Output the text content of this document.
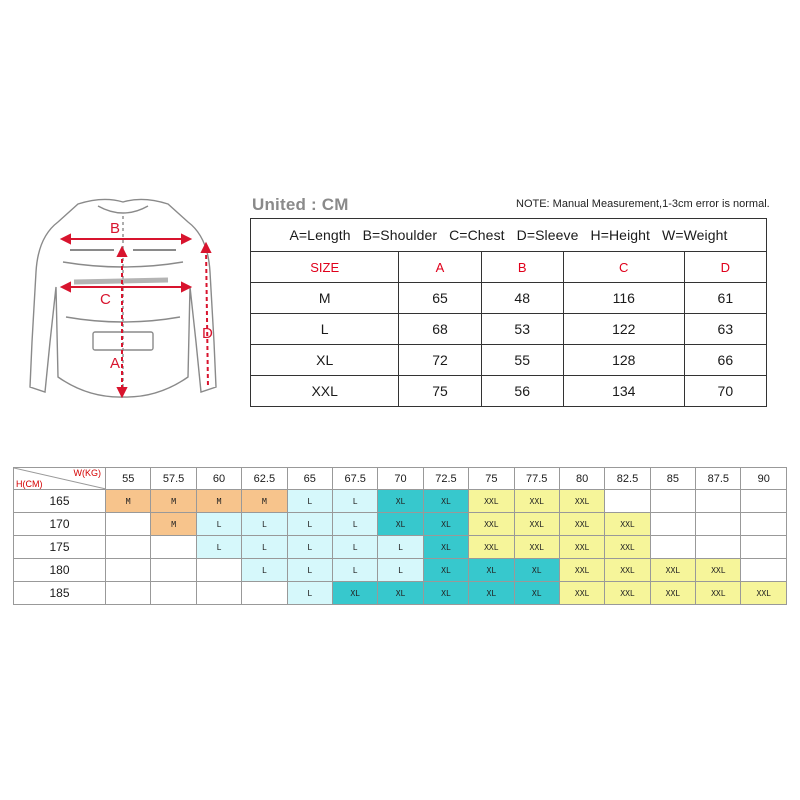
B
C
A
D
United : CM	NOTE: Manual Measurement,1-3cm error is normal.
A=Length   B=Shoulder   C=Chest   D=Sleeve   H=Height   W=Weight				
SIZE	A	B	C	D
M	65	48	116	61
L	68	53	122	63
XL	72	55	128	66
XXL	75	56	134	70
W(KG)
H(CM)	55	57.5	60	62.5	65	67.5	70	72.5	75	77.5	80	82.5	85	87.5	90
165	M	M	M	M	L	L	XL	XL	XXL	XXL	XXL				
170		M	L	L	L	L	XL	XL	XXL	XXL	XXL	XXL			
175			L	L	L	L	L	XL	XXL	XXL	XXL	XXL			
180				L	L	L	L	XL	XL	XL	XXL	XXL	XXL	XXL	
185					L	XL	XL	XL	XL	XL	XXL	XXL	XXL	XXL	XXL
